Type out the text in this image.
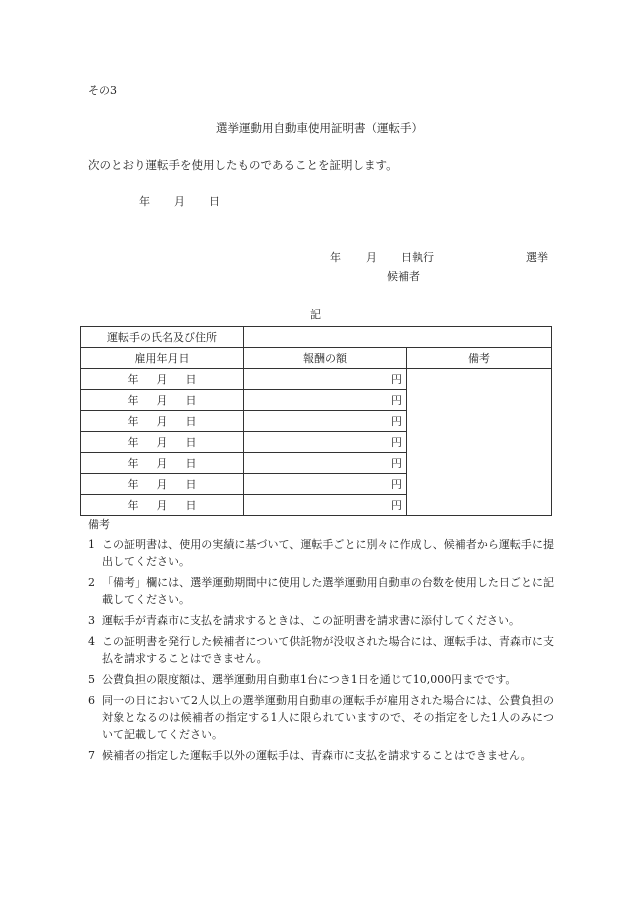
その3
選挙運動用自動車使用証明書（運転手）
次のとおり運転手を使用したものであることを証明します。
年 月 日
年 月 日執行	選挙
候補者
記
運転手の氏名及び住所		
雇用年月日	報酬の額	備考

年 月 日	円	

年 月 日	円	

年 月 日	円	

年 月 日	円	

年 月 日	円	

年 月 日	円	

年 月 日	円	
備考
1 この証明書は、使用の実績に基づいて、運転手ごとに別々に作成し、候補者から運転手に提出してください。
2 「備考」欄には、選挙運動期間中に使用した選挙運動用自動車の台数を使用した日ごとに記載してください。
3 運転手が青森市に支払を請求するときは、この証明書を請求書に添付してください。
4 この証明書を発行した候補者について供託物が没収された場合には、運転手は、青森市に支払を請求することはできません。
5 公費負担の限度額は、選挙運動用自動車1台につき1日を通じて10,000円までです。
6 同一の日において2人以上の選挙運動用自動車の運転手が雇用された場合には、公費負担の対象となるのは候補者の指定する1人に限られていますので、その指定をした1人のみについて記載してください。
7 候補者の指定した運転手以外の運転手は、青森市に支払を請求することはできません。
